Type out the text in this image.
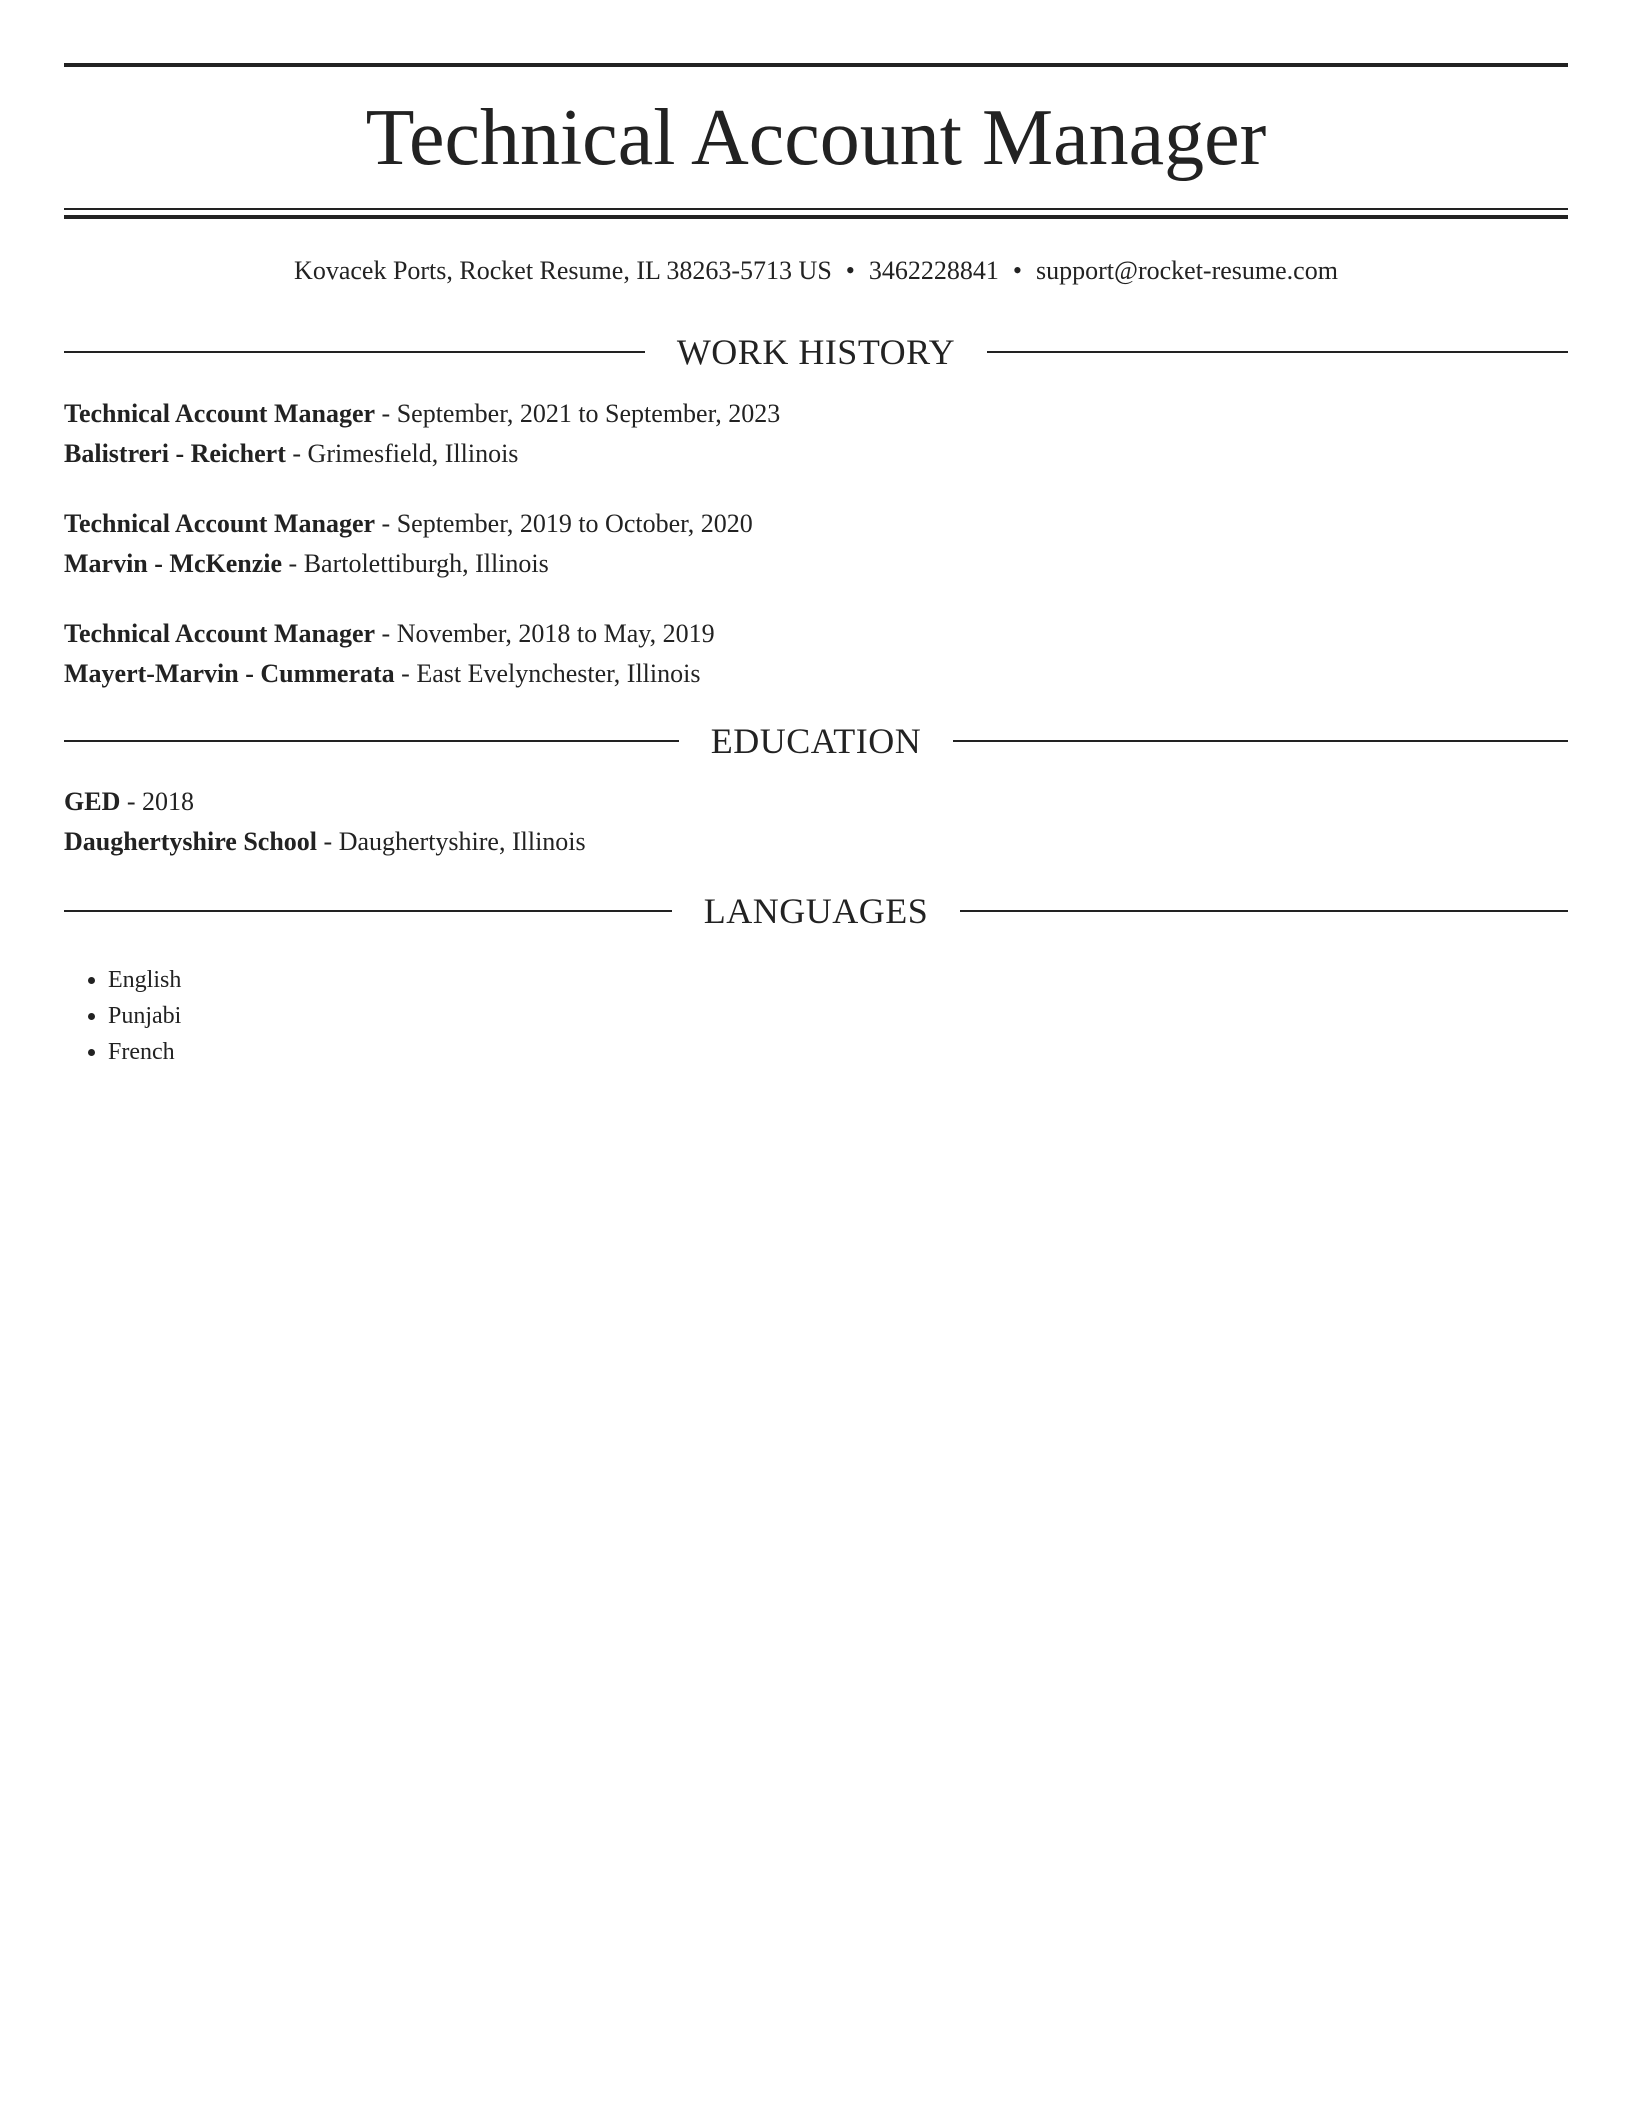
Technical Account Manager
Kovacek Ports, Rocket Resume, IL 38263-5713 US • 3462228841 • support@rocket-resume.com
WORK HISTORY
Technical Account Manager - September, 2021 to September, 2023
Balistreri - Reichert - Grimesfield, Illinois
Technical Account Manager - September, 2019 to October, 2020
Marvin - McKenzie - Bartolettiburgh, Illinois
Technical Account Manager - November, 2018 to May, 2019
Mayert-Marvin - Cummerata - East Evelynchester, Illinois
EDUCATION
GED - 2018
Daughertyshire School - Daughertyshire, Illinois
LANGUAGES
• English
• Punjabi
• French
